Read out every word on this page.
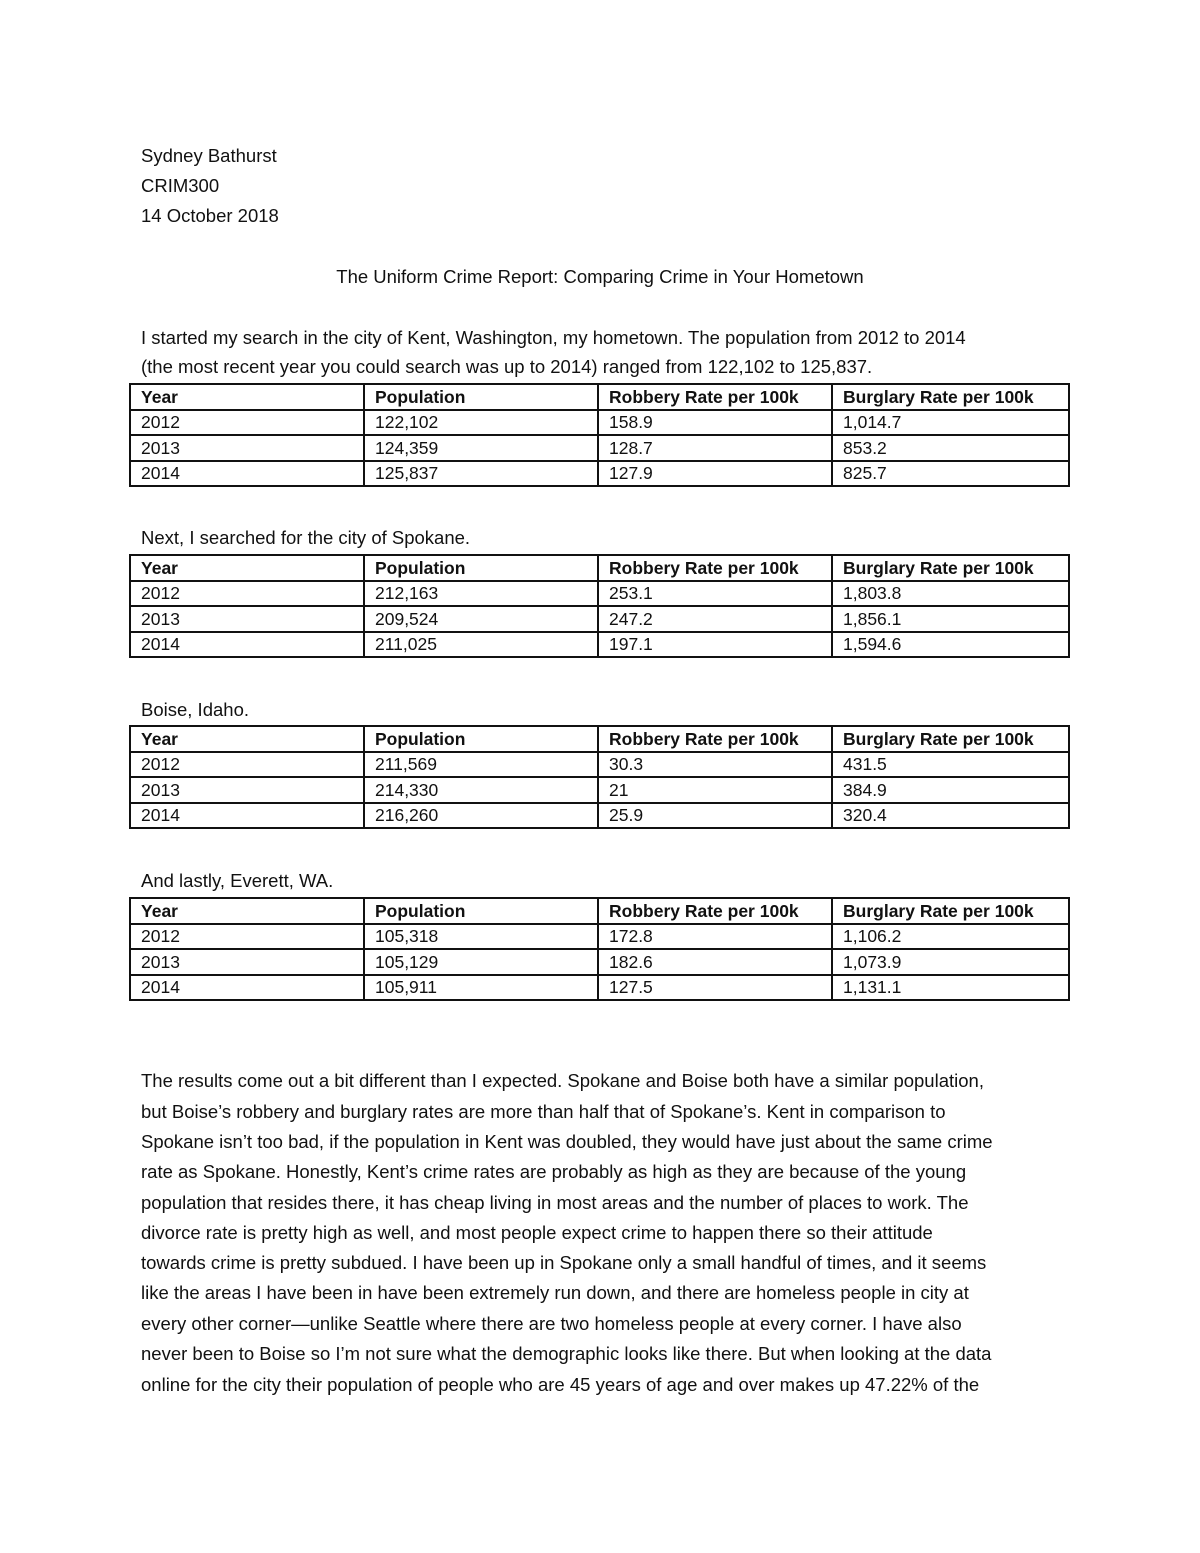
Sydney Bathurst
CRIM300
14 October 2018
The Uniform Crime Report: Comparing Crime in Your Hometown
I started my search in the city of Kent, Washington, my hometown. The population from 2012 to 2014
(the most recent year you could search was up to 2014) ranged from 122,102 to 125,837.
Year	Population	Robbery Rate per 100k	Burglary Rate per 100k
2012	122,102	158.9	1,014.7
2013	124,359	128.7	853.2
2014	125,837	127.9	825.7
Next, I searched for the city of Spokane.
Year	Population	Robbery Rate per 100k	Burglary Rate per 100k
2012	212,163	253.1	1,803.8
2013	209,524	247.2	1,856.1
2014	211,025	197.1	1,594.6
Boise, Idaho.
Year	Population	Robbery Rate per 100k	Burglary Rate per 100k
2012	211,569	30.3	431.5
2013	214,330	21	384.9
2014	216,260	25.9	320.4
And lastly, Everett, WA.
Year	Population	Robbery Rate per 100k	Burglary Rate per 100k
2012	105,318	172.8	1,106.2
2013	105,129	182.6	1,073.9
2014	105,911	127.5	1,131.1
The results come out a bit different than I expected. Spokane and Boise both have a similar population,
but Boise’s robbery and burglary rates are more than half that of Spokane’s. Kent in comparison to
Spokane isn’t too bad, if the population in Kent was doubled, they would have just about the same crime
rate as Spokane. Honestly, Kent’s crime rates are probably as high as they are because of the young
population that resides there, it has cheap living in most areas and the number of places to work. The
divorce rate is pretty high as well, and most people expect crime to happen there so their attitude
towards crime is pretty subdued. I have been up in Spokane only a small handful of times, and it seems
like the areas I have been in have been extremely run down, and there are homeless people in city at
every other corner—unlike Seattle where there are two homeless people at every corner. I have also
never been to Boise so I’m not sure what the demographic looks like there. But when looking at the data
online for the city their population of people who are 45 years of age and over makes up 47.22% of the
